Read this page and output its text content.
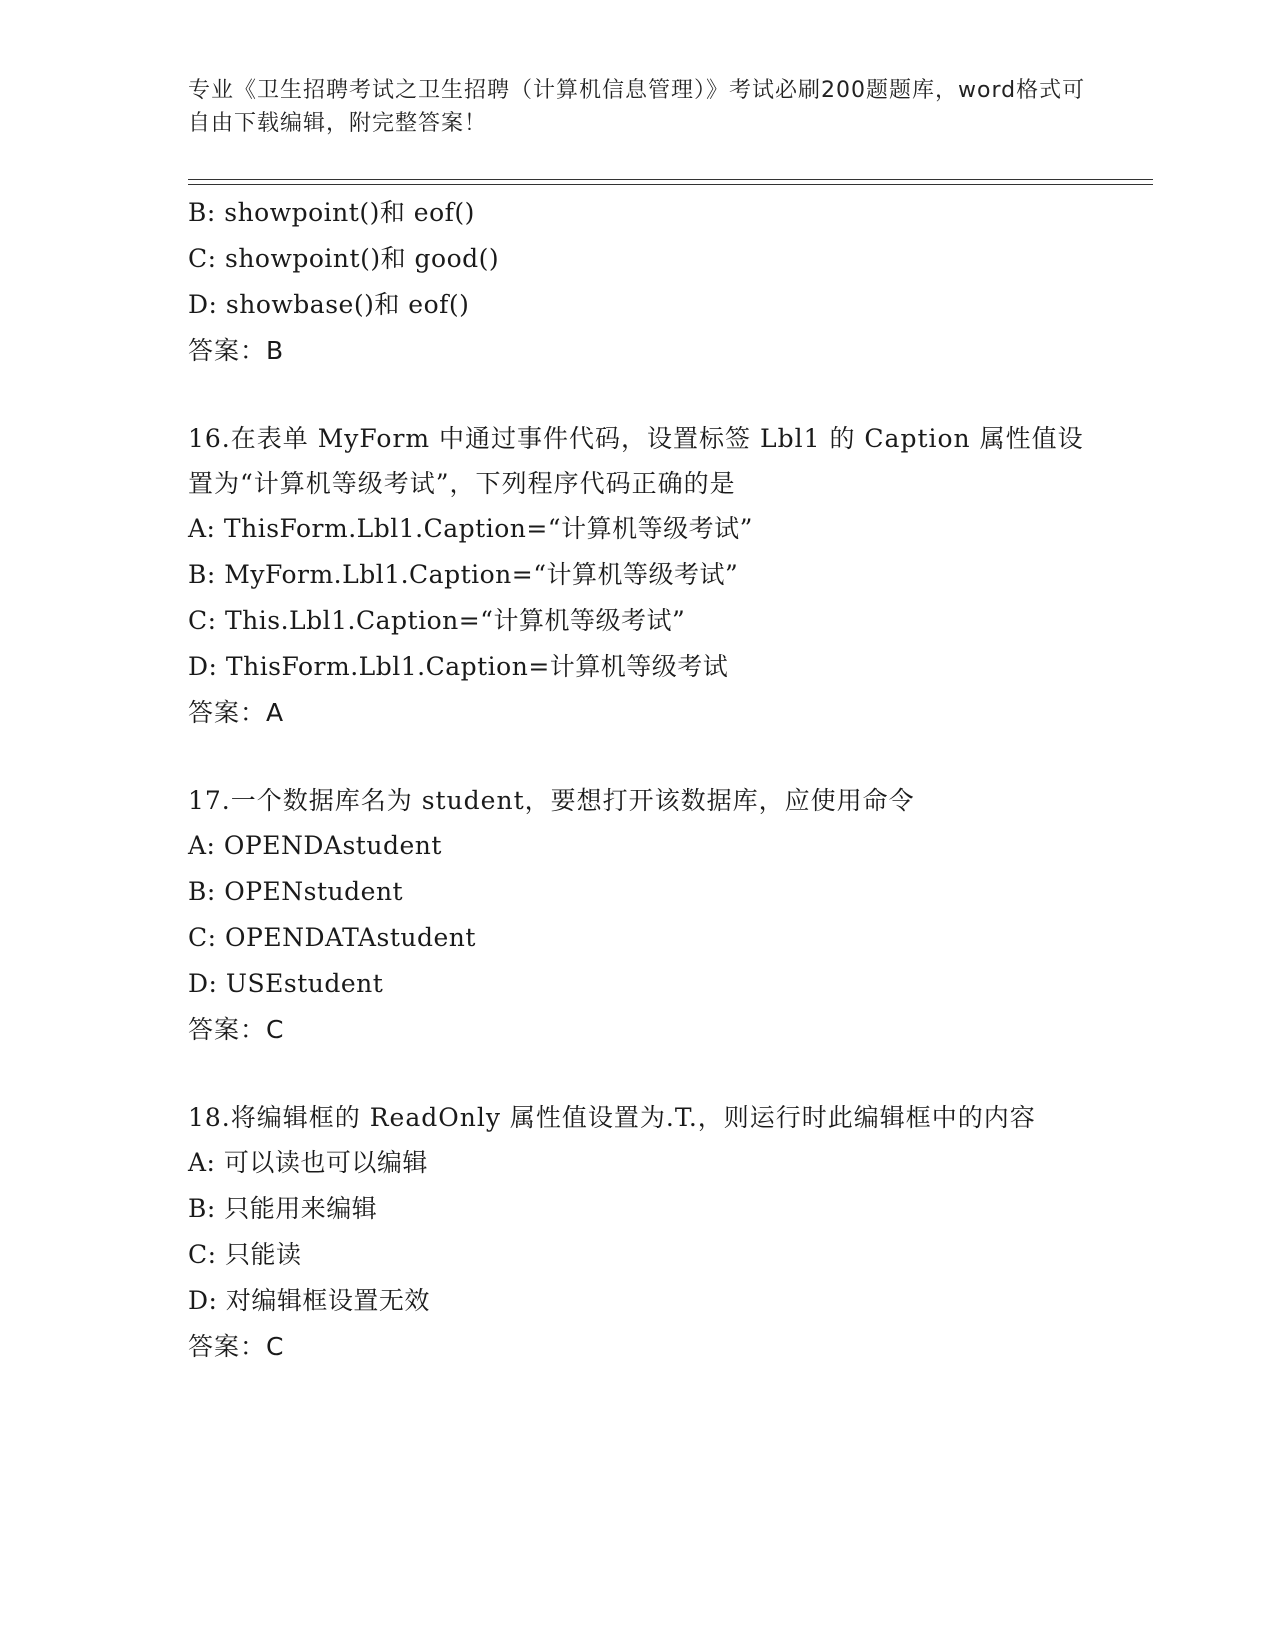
专业《卫生招聘考试之卫生招聘（计算机信息管理）》考试必刷200题题库，word格式可自由下载编辑，附完整答案！
B: showpoint()和 eof()
C: showpoint()和 good()
D: showbase()和 eof()
答案：B
16.在表单 MyForm 中通过事件代码，设置标签 Lbl1 的 Caption 属性值设置为“计算机等级考试”，下列程序代码正确的是
A: ThisForm.Lbl1.Caption=“计算机等级考试”
B: MyForm.Lbl1.Caption=“计算机等级考试”
C: This.Lbl1.Caption=“计算机等级考试”
D: ThisForm.Lbl1.Caption=计算机等级考试
答案：A
17.一个数据库名为 student，要想打开该数据库，应使用命令
A: OPENDAstudent
B: OPENstudent
C: OPENDATAstudent
D: USEstudent
答案：C
18.将编辑框的 ReadOnly 属性值设置为.T.，则运行时此编辑框中的内容
A: 可以读也可以编辑
B: 只能用来编辑
C: 只能读
D: 对编辑框设置无效
答案：C
